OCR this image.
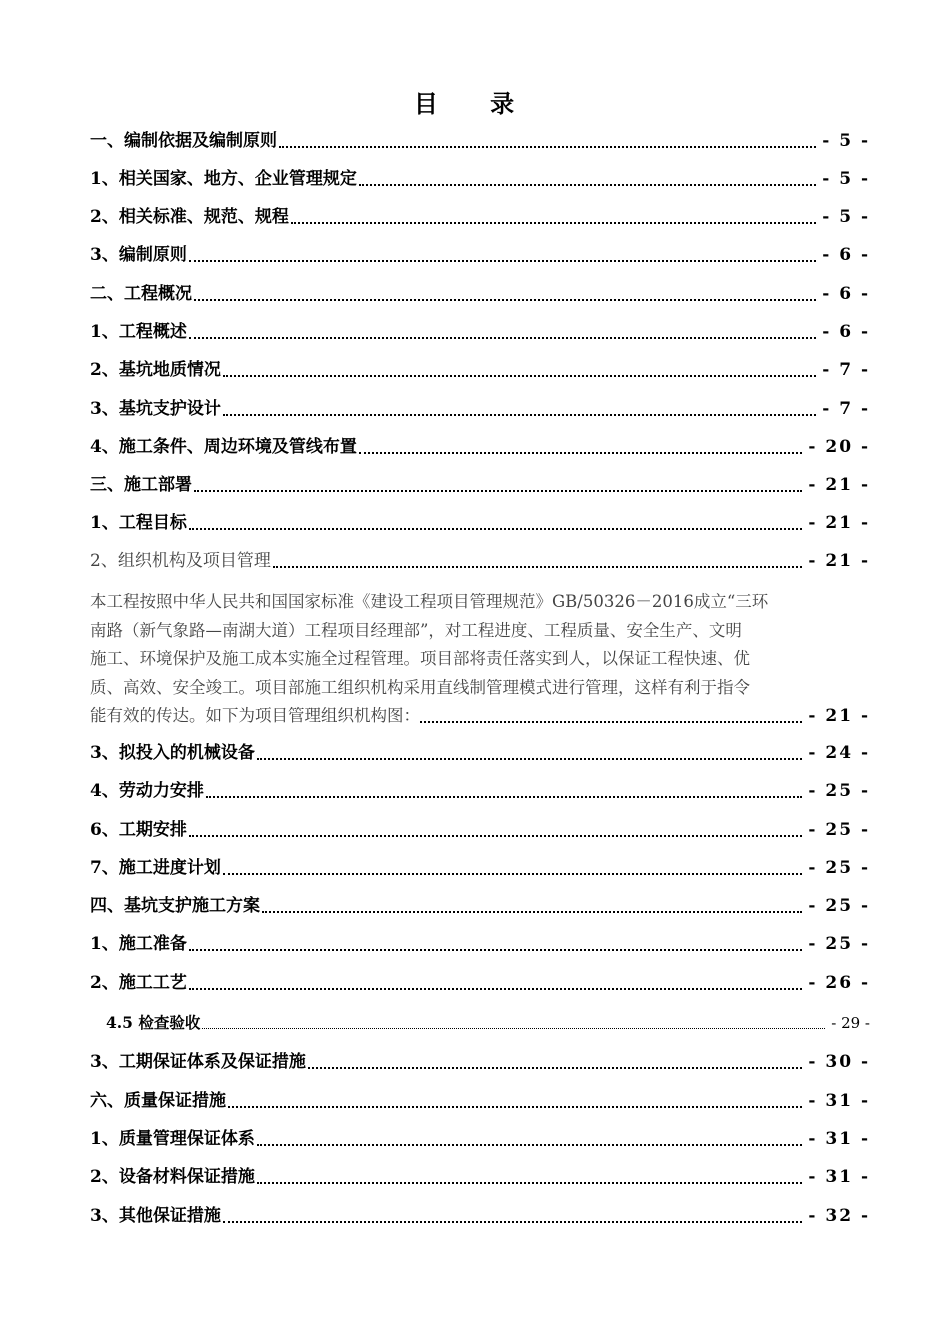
目 录
一、编制依据及编制原则	- 5 -
1、相关国家、地方、企业管理规定	- 5 -
2、相关标准、规范、规程	- 5 -
3、编制原则	- 6 -
二、工程概况	- 6 -
1、工程概述	- 6 -
2、基坑地质情况	- 7 -
3、基坑支护设计	- 7 -
4、施工条件、周边环境及管线布置	- 20 -
三、施工部署	- 21 -
1、工程目标	- 21 -
2、组织机构及项目管理	- 21 -
本工程按照中华人民共和国国家标准《建设工程项目管理规范》GB/50326－2016成立“三环
南路（新气象路—南湖大道）工程项目经理部”，对工程进度、工程质量、安全生产、文明
施工、环境保护及施工成本实施全过程管理。项目部将责任落实到人，以保证工程快速、优
质、高效、安全竣工。项目部施工组织机构采用直线制管理模式进行管理，这样有利于指令
能有效的传达。如下为项目管理组织机构图：	- 21 -
3、拟投入的机械设备	- 24 -
4、劳动力安排	- 25 -
6、工期安排	- 25 -
7、施工进度计划	- 25 -
四、基坑支护施工方案	- 25 -
1、施工准备	- 25 -
2、施工工艺	- 26 -
4.5 检查验收	- 29 -
3、工期保证体系及保证措施	- 30 -
六、质量保证措施	- 31 -
1、质量管理保证体系	- 31 -
2、设备材料保证措施	- 31 -
3、其他保证措施	- 32 -
